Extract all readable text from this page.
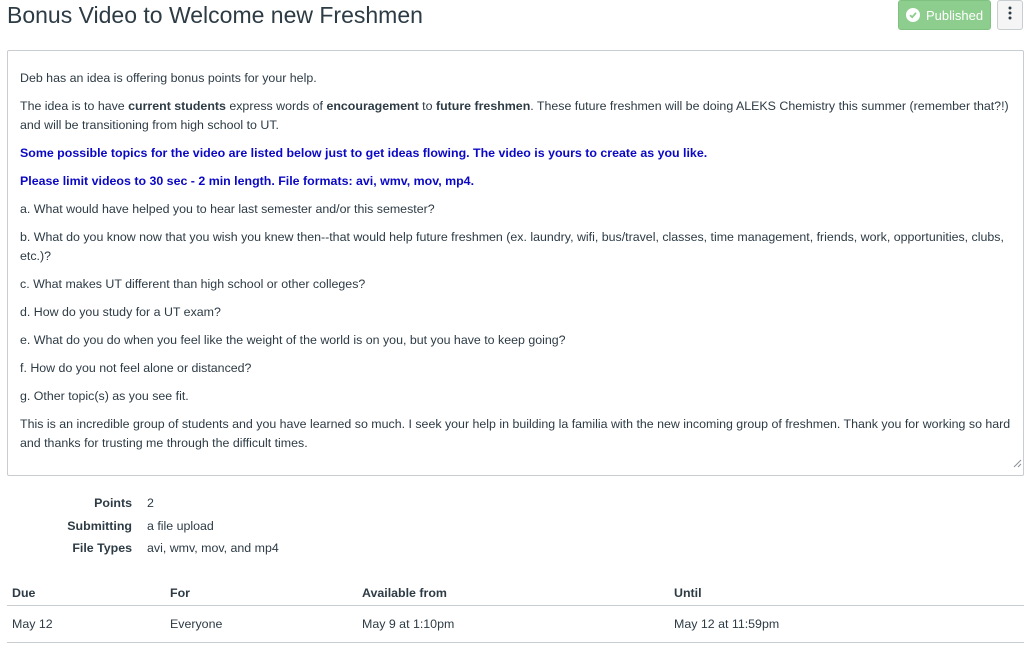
Bonus Video to Welcome new Freshmen	Published

Deb has an idea is offering bonus points for your help.

The idea is to have current students express words of encouragement to future freshmen. These future freshmen will be doing ALEKS Chemistry this summer (remember that?!) and will be transitioning from high school to UT.

Some possible topics for the video are listed below just to get ideas flowing. The video is yours to create as you like.

Please limit videos to 30 sec - 2 min length. File formats: avi, wmv, mov, mp4.

a. What would have helped you to hear last semester and/or this semester?

b. What do you know now that you wish you knew then--that would help future freshmen (ex. laundry, wifi, bus/travel, classes, time management, friends, work, opportunities, clubs, etc.)?

c. What makes UT different than high school or other colleges?

d. How do you study for a UT exam?

e. What do you do when you feel like the weight of the world is on you, but you have to keep going?

f. How do you not feel alone or distanced?

g. Other topic(s) as you see fit.

This is an incredible group of students and you have learned so much. I seek your help in building la familia with the new incoming group of freshmen. Thank you for working so hard and thanks for trusting me through the difficult times.

Points	2
Submitting	a file upload
File Types	avi, wmv, mov, and mp4
Due	For	Available from	Until
May 12	Everyone	May 9 at 1:10pm	May 12 at 11:59pm
